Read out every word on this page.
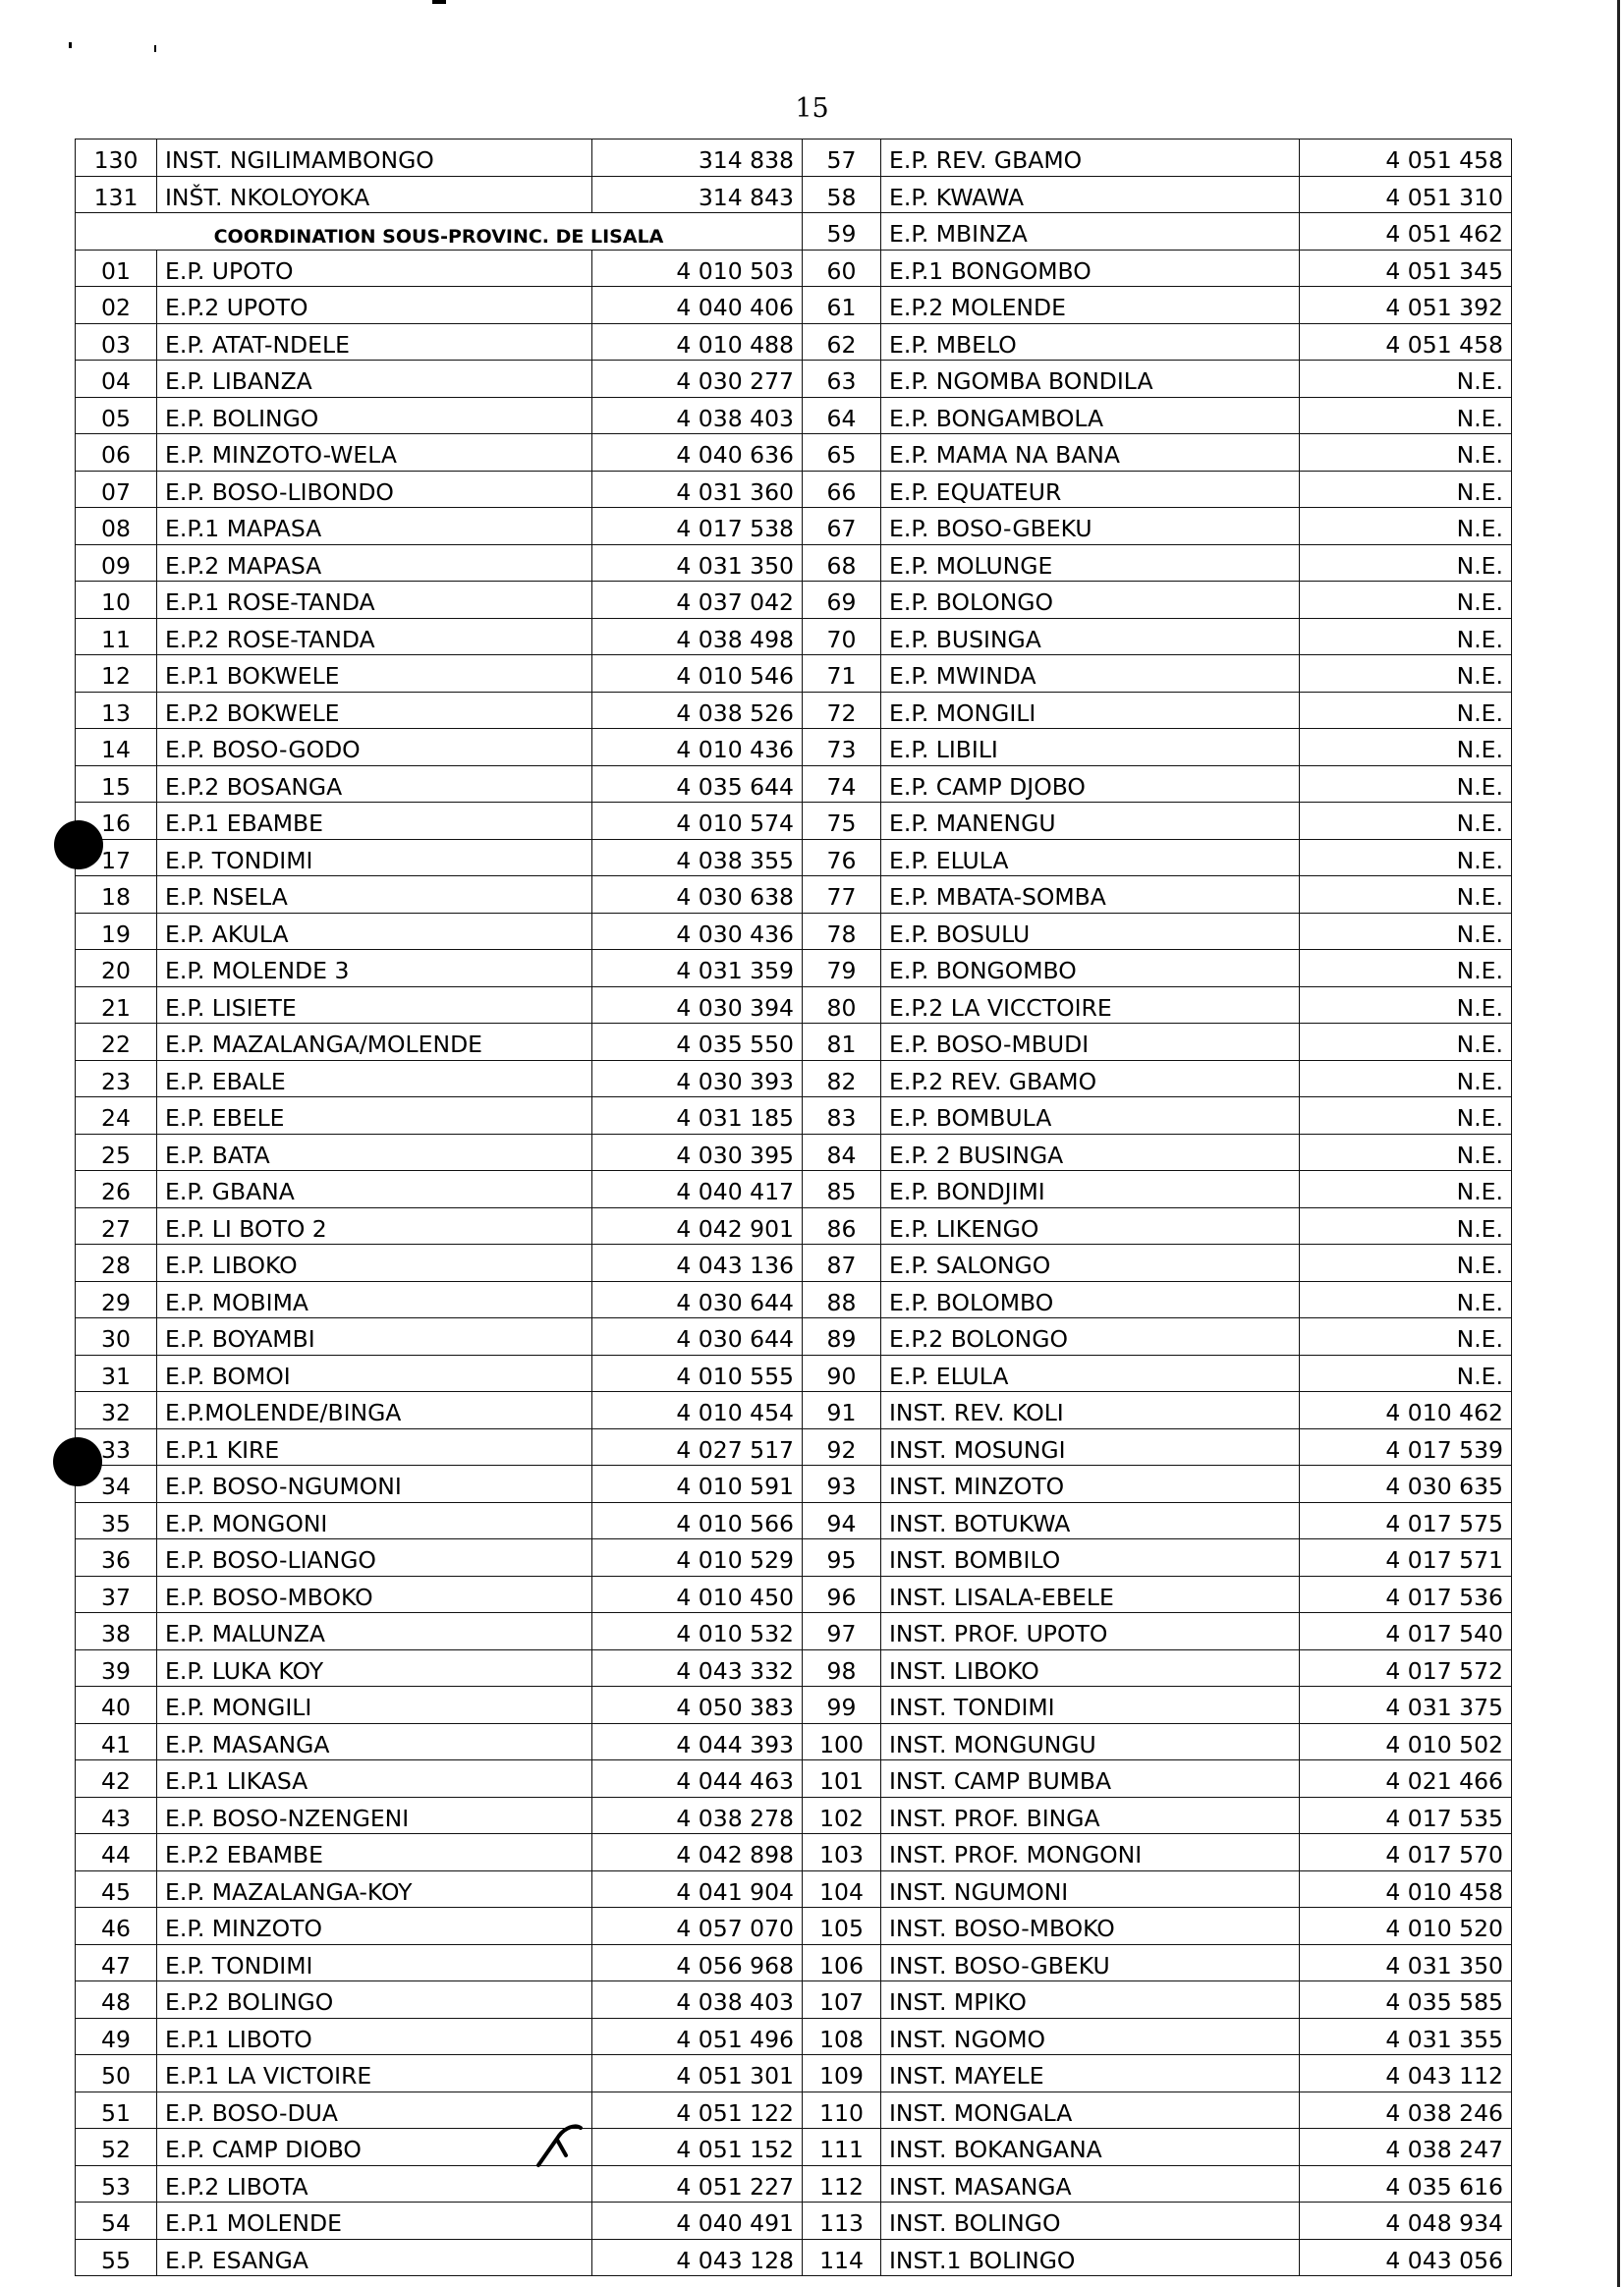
15
130	INST. NGILIMAMBONGO	314 838	57	E.P. REV. GBAMO	4 051 458
131	INŠT. NKOLOYOKA	314 843	58	E.P. KWAWA	4 051 310
COORDINATION SOUS-PROVINC. DE LISALA			59	E.P. MBINZA	4 051 462
01	E.P. UPOTO	4 010 503	60	E.P.1 BONGOMBO	4 051 345
02	E.P.2 UPOTO	4 040 406	61	E.P.2 MOLENDE	4 051 392
03	E.P. ATAT-NDELE	4 010 488	62	E.P. MBELO	4 051 458
04	E.P. LIBANZA	4 030 277	63	E.P. NGOMBA BONDILA	N.E.
05	E.P. BOLINGO	4 038 403	64	E.P. BONGAMBOLA	N.E.
06	E.P. MINZOTO-WELA	4 040 636	65	E.P. MAMA NA BANA	N.E.
07	E.P. BOSO-LIBONDO	4 031 360	66	E.P. EQUATEUR	N.E.
08	E.P.1 MAPASA	4 017 538	67	E.P. BOSO-GBEKU	N.E.
09	E.P.2 MAPASA	4 031 350	68	E.P. MOLUNGE	N.E.
10	E.P.1 ROSE-TANDA	4 037 042	69	E.P. BOLONGO	N.E.
11	E.P.2 ROSE-TANDA	4 038 498	70	E.P. BUSINGA	N.E.
12	E.P.1 BOKWELE	4 010 546	71	E.P. MWINDA	N.E.
13	E.P.2 BOKWELE	4 038 526	72	E.P. MONGILI	N.E.
14	E.P. BOSO-GODO	4 010 436	73	E.P. LIBILI	N.E.
15	E.P.2 BOSANGA	4 035 644	74	E.P. CAMP DJOBO	N.E.
16	E.P.1 EBAMBE	4 010 574	75	E.P. MANENGU	N.E.
17	E.P. TONDIMI	4 038 355	76	E.P. ELULA	N.E.
18	E.P. NSELA	4 030 638	77	E.P. MBATA-SOMBA	N.E.
19	E.P. AKULA	4 030 436	78	E.P. BOSULU	N.E.
20	E.P. MOLENDE 3	4 031 359	79	E.P. BONGOMBO	N.E.
21	E.P. LISIETE	4 030 394	80	E.P.2 LA VICCTOIRE	N.E.
22	E.P. MAZALANGA/MOLENDE	4 035 550	81	E.P. BOSO-MBUDI	N.E.
23	E.P. EBALE	4 030 393	82	E.P.2 REV. GBAMO	N.E.
24	E.P. EBELE	4 031 185	83	E.P. BOMBULA	N.E.
25	E.P. BATA	4 030 395	84	E.P. 2 BUSINGA	N.E.
26	E.P. GBANA	4 040 417	85	E.P. BONDJIMI	N.E.
27	E.P. LI BOTO 2	4 042 901	86	E.P. LIKENGO	N.E.
28	E.P. LIBOKO	4 043 136	87	E.P. SALONGO	N.E.
29	E.P. MOBIMA	4 030 644	88	E.P. BOLOMBO	N.E.
30	E.P. BOYAMBI	4 030 644	89	E.P.2 BOLONGO	N.E.
31	E.P. BOMOI	4 010 555	90	E.P. ELULA	N.E.
32	E.P.MOLENDE/BINGA	4 010 454	91	INST. REV. KOLI	4 010 462
33	E.P.1 KIRE	4 027 517	92	INST. MOSUNGI	4 017 539
34	E.P. BOSO-NGUMONI	4 010 591	93	INST. MINZOTO	4 030 635
35	E.P. MONGONI	4 010 566	94	INST. BOTUKWA	4 017 575
36	E.P. BOSO-LIANGO	4 010 529	95	INST. BOMBILO	4 017 571
37	E.P. BOSO-MBOKO	4 010 450	96	INST. LISALA-EBELE	4 017 536
38	E.P. MALUNZA	4 010 532	97	INST. PROF. UPOTO	4 017 540
39	E.P. LUKA KOY	4 043 332	98	INST. LIBOKO	4 017 572
40	E.P. MONGILI	4 050 383	99	INST. TONDIMI	4 031 375
41	E.P. MASANGA	4 044 393	100	INST. MONGUNGU	4 010 502
42	E.P.1 LIKASA	4 044 463	101	INST. CAMP BUMBA	4 021 466
43	E.P. BOSO-NZENGENI	4 038 278	102	INST. PROF. BINGA	4 017 535
44	E.P.2 EBAMBE	4 042 898	103	INST. PROF. MONGONI	4 017 570
45	E.P. MAZALANGA-KOY	4 041 904	104	INST. NGUMONI	4 010 458
46	E.P. MINZOTO	4 057 070	105	INST. BOSO-MBOKO	4 010 520
47	E.P. TONDIMI	4 056 968	106	INST. BOSO-GBEKU	4 031 350
48	E.P.2 BOLINGO	4 038 403	107	INST. MPIKO	4 035 585
49	E.P.1 LIBOTO	4 051 496	108	INST. NGOMO	4 031 355
50	E.P.1 LA VICTOIRE	4 051 301	109	INST. MAYELE	4 043 112
51	E.P. BOSO-DUA	4 051 122	110	INST. MONGALA	4 038 246
52	E.P. CAMP DIOBO	4 051 152	111	INST. BOKANGANA	4 038 247
53	E.P.2 LIBOTA	4 051 227	112	INST. MASANGA	4 035 616
54	E.P.1 MOLENDE	4 040 491	113	INST. BOLINGO	4 048 934
55	E.P. ESANGA	4 043 128	114	INST.1 BOLINGO	4 043 056
